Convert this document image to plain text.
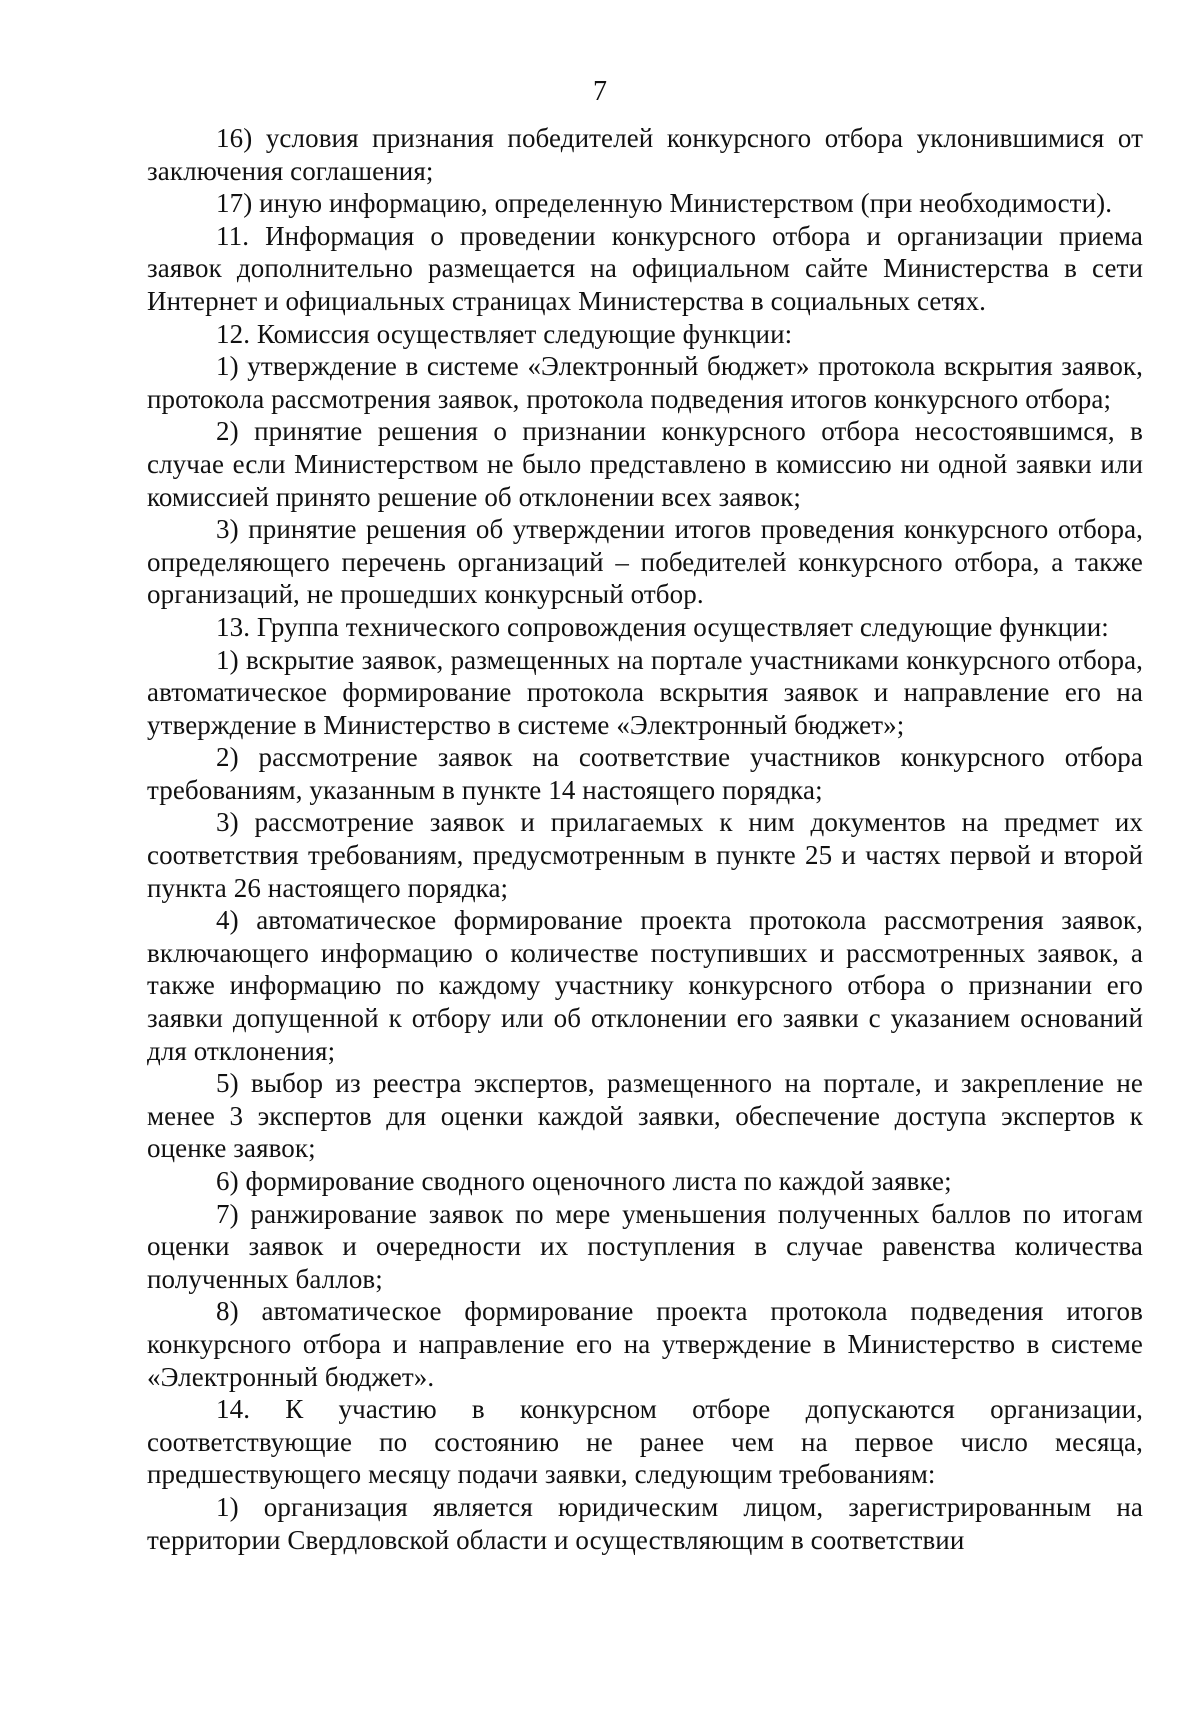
7

16) условия признания победителей конкурсного отбора уклонившимися от заключения соглашения;

17) иную информацию, определенную Министерством (при необходимости).

11. Информация о проведении конкурсного отбора и организации приема заявок дополнительно размещается на официальном сайте Министерства в сети Интернет и официальных страницах Министерства в социальных сетях.

12. Комиссия осуществляет следующие функции:

1) утверждение в системе «Электронный бюджет» протокола вскрытия заявок, протокола рассмотрения заявок, протокола подведения итогов конкурсного отбора;

2) принятие решения о признании конкурсного отбора несостоявшимся, в случае если Министерством не было представлено в комиссию ни одной заявки или комиссией принято решение об отклонении всех заявок;

3) принятие решения об утверждении итогов проведения конкурсного отбора, определяющего перечень организаций – победителей конкурсного отбора, а также организаций, не прошедших конкурсный отбор.

13. Группа технического сопровождения осуществляет следующие функции:

1) вскрытие заявок, размещенных на портале участниками конкурсного отбора, автоматическое формирование протокола вскрытия заявок и направление его на утверждение в Министерство в системе «Электронный бюджет»;

2) рассмотрение заявок на соответствие участников конкурсного отбора требованиям, указанным в пункте 14 настоящего порядка;

3) рассмотрение заявок и прилагаемых к ним документов на предмет их соответствия требованиям, предусмотренным в пункте 25 и частях первой и второй пункта 26 настоящего порядка;

4) автоматическое формирование проекта протокола рассмотрения заявок, включающего информацию о количестве поступивших и рассмотренных заявок, а также информацию по каждому участнику конкурсного отбора о признании его заявки допущенной к отбору или об отклонении его заявки с указанием оснований для отклонения;

5) выбор из реестра экспертов, размещенного на портале, и закрепление не менее 3 экспертов для оценки каждой заявки, обеспечение доступа экспертов к оценке заявок;

6) формирование сводного оценочного листа по каждой заявке;

7) ранжирование заявок по мере уменьшения полученных баллов по итогам оценки заявок и очередности их поступления в случае равенства количества полученных баллов;

8) автоматическое формирование проекта протокола подведения итогов конкурсного отбора и направление его на утверждение в Министерство в системе «Электронный бюджет».

14. К участию в конкурсном отборе допускаются организации, соответствующие по состоянию не ранее чем на первое число месяца, предшествующего месяцу подачи заявки, следующим требованиям:

1) организация является юридическим лицом, зарегистрированным на территории Свердловской области и осуществляющим в соответствии
